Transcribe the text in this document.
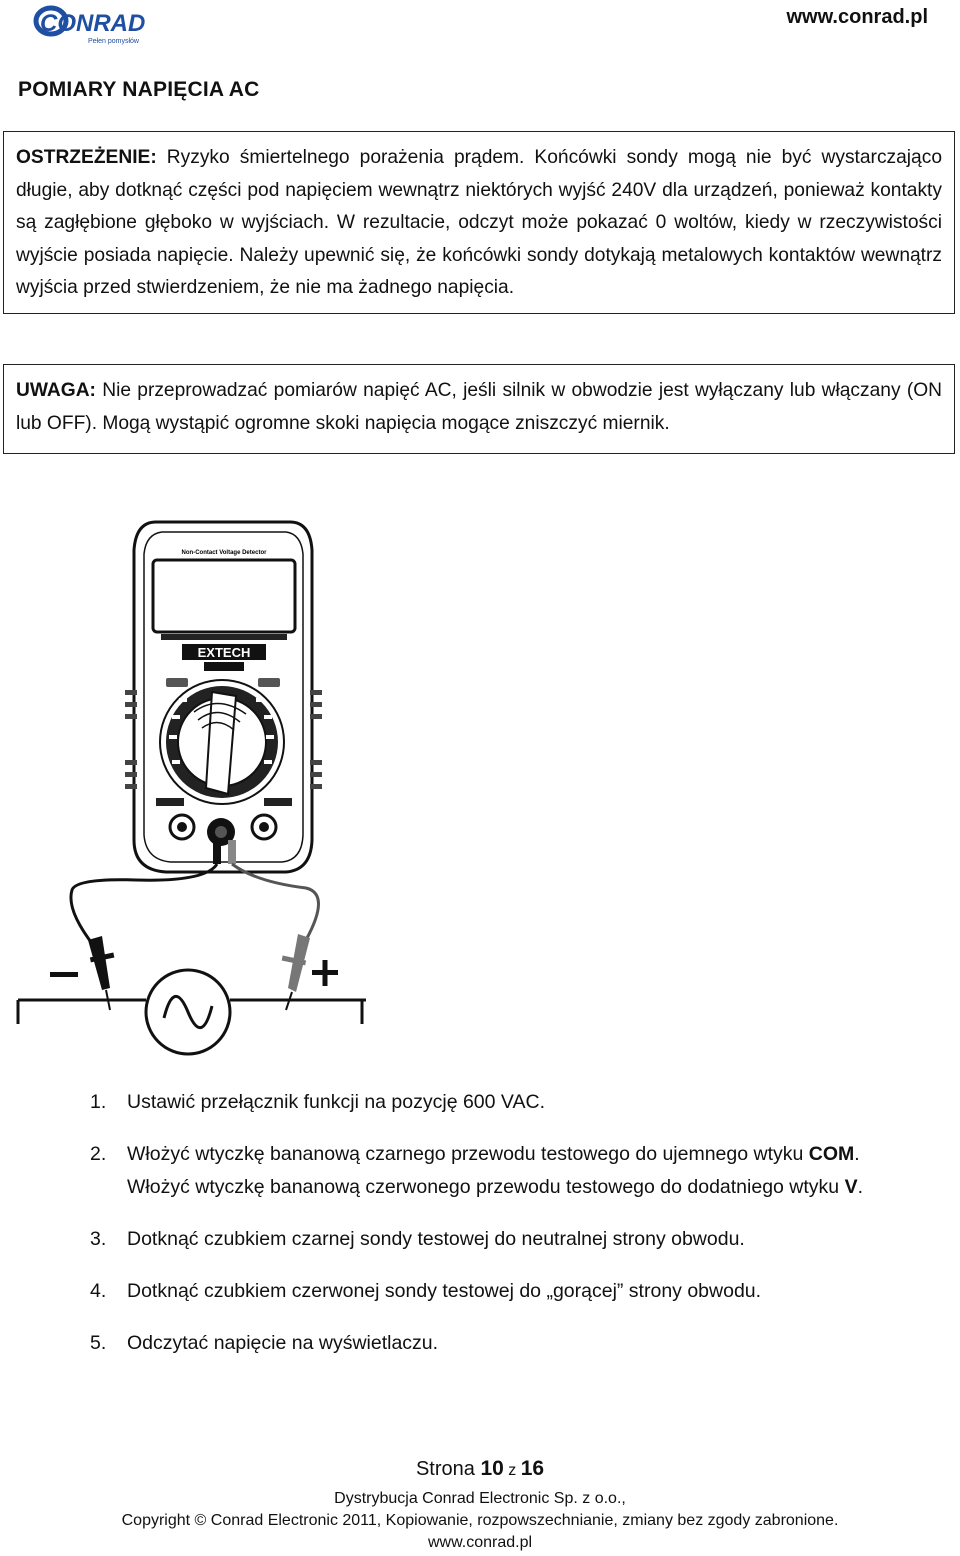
CONRAD
Pełen pomysłów
www.conrad.pl
POMIARY NAPIĘCIA AC
OSTRZEŻENIE: Ryzyko śmiertelnego porażenia prądem. Końcówki sondy mogą nie być wystarczająco długie, aby dotknąć części pod napięciem wewnątrz niektórych wyjść 240V dla urządzeń, ponieważ kontakty są zagłębione głęboko w wyjściach. W rezultacie, odczyt może pokazać 0 woltów, kiedy w rzeczywistości wyjście posiada napięcie. Należy upewnić się, że końcówki sondy dotykają metalowych kontaktów wewnątrz wyjścia przed stwierdzeniem, że nie ma żadnego napięcia.
UWAGA: Nie przeprowadzać pomiarów napięć AC, jeśli silnik w obwodzie jest wyłączany lub włączany (ON lub OFF). Mogą wystąpić ogromne skoki napięcia mogące zniszczyć miernik.
Non-Contact Voltage Detector
EXTECH
1.	Ustawić przełącznik funkcji na pozycję 600 VAC.
2.	Włożyć wtyczkę bananową czarnego przewodu testowego do ujemnego wtyku COM.
Włożyć wtyczkę bananową czerwonego przewodu testowego do dodatniego wtyku V.
3.	Dotknąć czubkiem czarnej sondy testowej do neutralnej strony obwodu.
4.	Dotknąć czubkiem czerwonej sondy testowej do „gorącej” strony obwodu.
5.	Odczytać napięcie na wyświetlaczu.
Strona 10 z 16
Dystrybucja Conrad Electronic Sp. z o.o.,
Copyright © Conrad Electronic 2011, Kopiowanie, rozpowszechnianie, zmiany bez zgody zabronione.
www.conrad.pl
